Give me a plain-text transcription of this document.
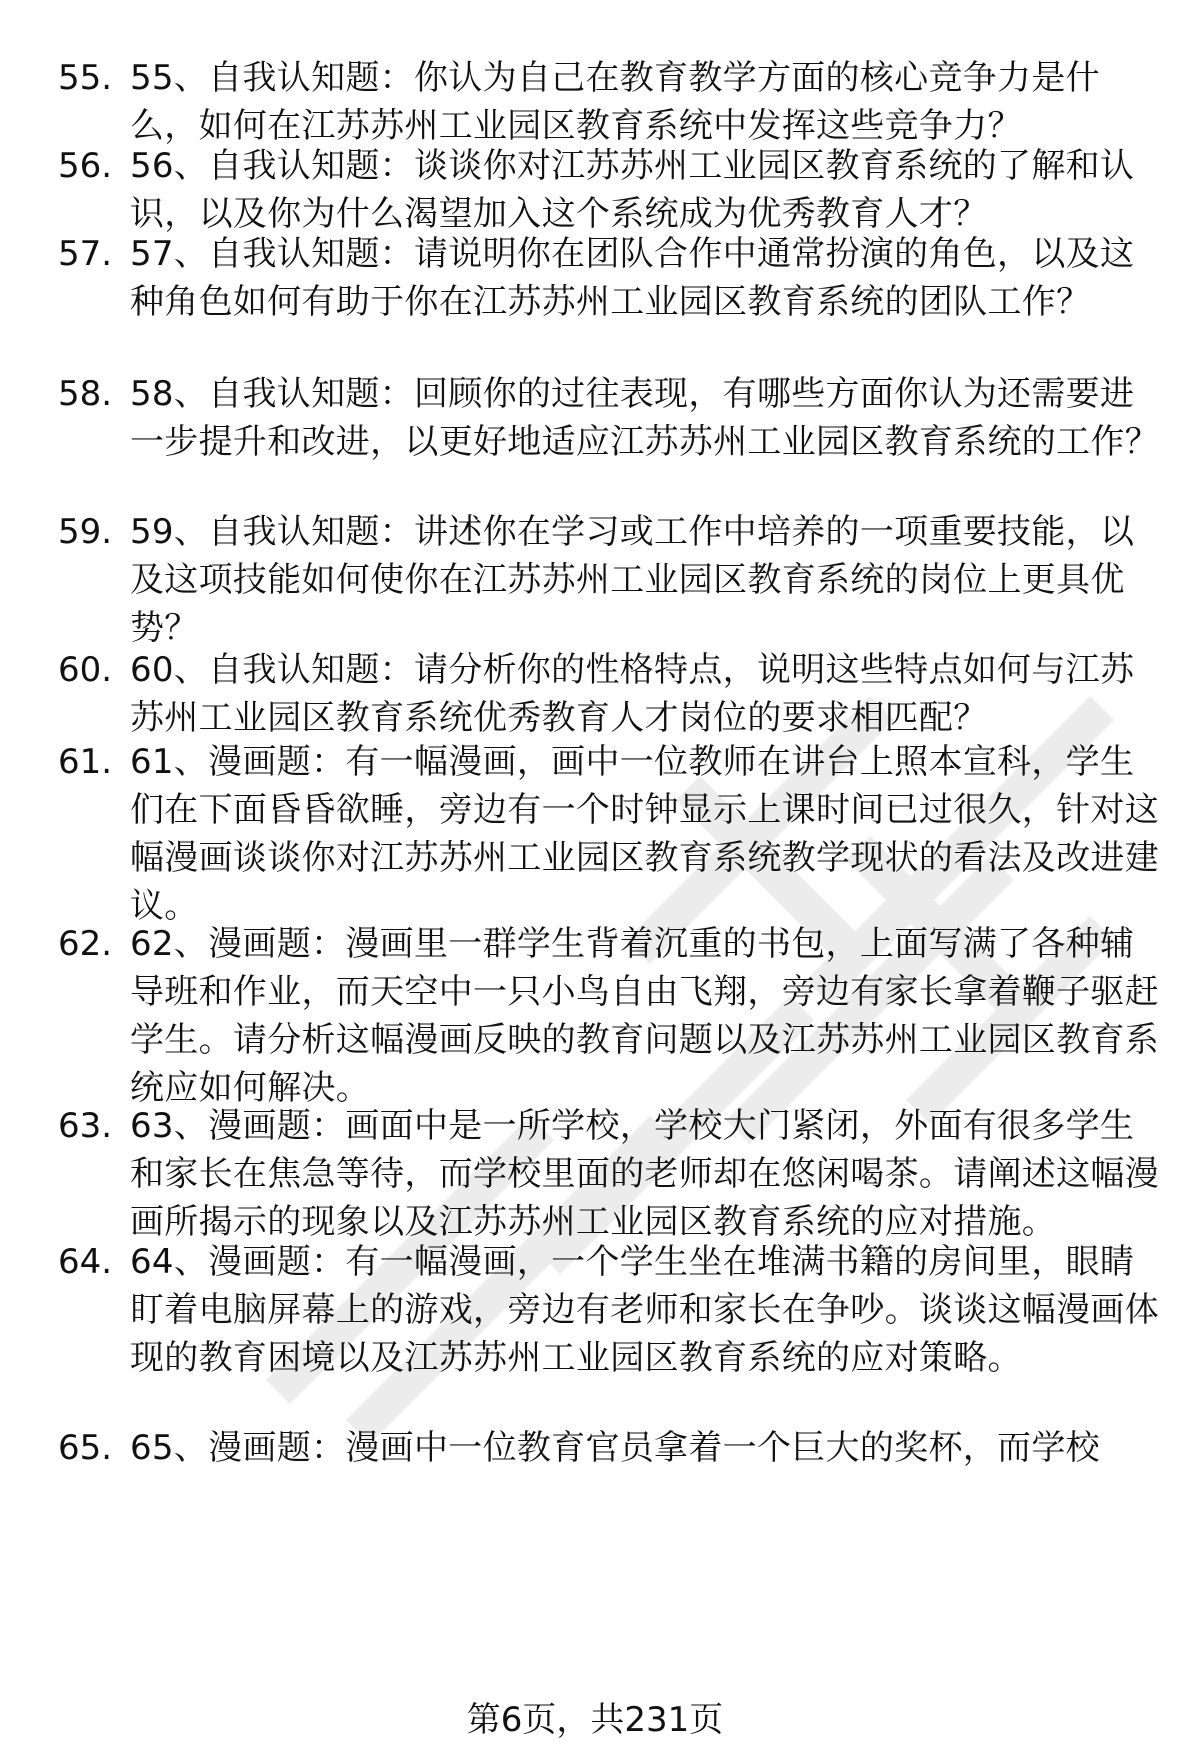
55. 55、自我认知题：你认为自己在教育教学方面的核心竞争力是什么，如何在江苏苏州工业园区教育系统中发挥这些竞争力？
56. 56、自我认知题：谈谈你对江苏苏州工业园区教育系统的了解和认识，以及你为什么渴望加入这个系统成为优秀教育人才？
57. 57、自我认知题：请说明你在团队合作中通常扮演的角色，以及这种角色如何有助于你在江苏苏州工业园区教育系统的团队工作？
58. 58、自我认知题：回顾你的过往表现，有哪些方面你认为还需要进一步提升和改进，以更好地适应江苏苏州工业园区教育系统的工作？
59. 59、自我认知题：讲述你在学习或工作中培养的一项重要技能，以及这项技能如何使你在江苏苏州工业园区教育系统的岗位上更具优势？
60. 60、自我认知题：请分析你的性格特点，说明这些特点如何与江苏苏州工业园区教育系统优秀教育人才岗位的要求相匹配？
61. 61、漫画题：有一幅漫画，画中一位教师在讲台上照本宣科，学生们在下面昏昏欲睡，旁边有一个时钟显示上课时间已过很久，针对这幅漫画谈谈你对江苏苏州工业园区教育系统教学现状的看法及改进建议。
62. 62、漫画题：漫画里一群学生背着沉重的书包，上面写满了各种辅导班和作业，而天空中一只小鸟自由飞翔，旁边有家长拿着鞭子驱赶学生。请分析这幅漫画反映的教育问题以及江苏苏州工业园区教育系统应如何解决。
63. 63、漫画题：画面中是一所学校，学校大门紧闭，外面有很多学生和家长在焦急等待，而学校里面的老师却在悠闲喝茶。请阐述这幅漫画所揭示的现象以及江苏苏州工业园区教育系统的应对措施。
64. 64、漫画题：有一幅漫画，一个学生坐在堆满书籍的房间里，眼睛盯着电脑屏幕上的游戏，旁边有老师和家长在争吵。谈谈这幅漫画体现的教育困境以及江苏苏州工业园区教育系统的应对策略。
65. 65、漫画题：漫画中一位教育官员拿着一个巨大的奖杯，而学校
第6页，共231页
